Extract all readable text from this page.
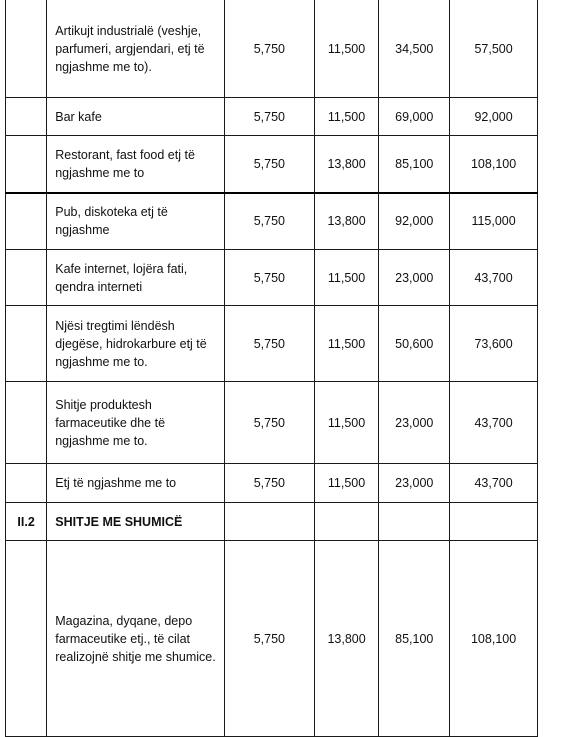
	Artikujt industrialë (veshje, parfumeri, argjendari, etj të ngjashme me to).	5,750	11,500	34,500	57,500
	Bar kafe	5,750	11,500	69,000	92,000
	Restorant, fast food etj të ngjashme me to	5,750	13,800	85,100	108,100
	Pub, diskoteka etj të ngjashme	5,750	13,800	92,000	115,000
	Kafe internet, lojëra fati, qendra interneti	5,750	11,500	23,000	43,700
	Njësi tregtimi lëndësh djegëse, hidrokarbure etj të ngjashme me to.	5,750	11,500	50,600	73,600
	Shitje produktesh farmaceutike dhe të ngjashme me to.	5,750	11,500	23,000	43,700
	Etj të ngjashme me to	5,750	11,500	23,000	43,700
II.2	SHITJE ME SHUMICË				
	Magazina, dyqane, depo farmaceutike etj., të cilat realizojnë shitje me shumice.	5,750	13,800	85,100	108,100
